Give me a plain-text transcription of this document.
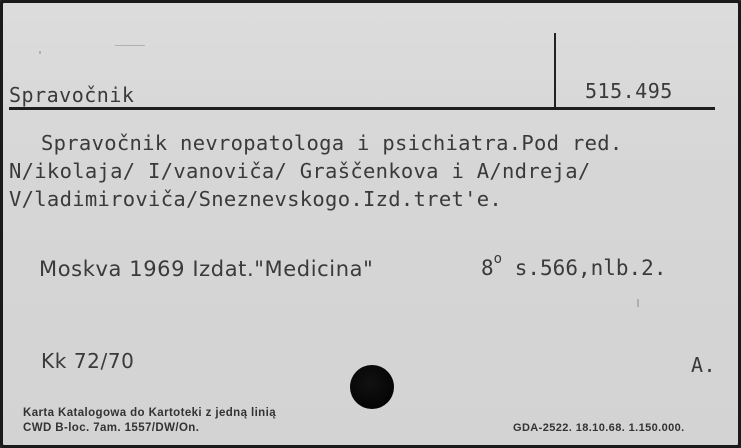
Spravočnik	515.495
Spravočnik nevropatologa i psichiatra.Pod red.
N/ikolaja/ I/vanoviča/ Graščenkova i A/ndreja/
V/ladimiroviča/Sneznevskogo.Izd.tret'e.
Moskva 1969 Izdat."Medicina"	8$^o$ s.566,nlb.2.
Kk 72/70	A.
Karta Katalogowa do Kartoteki z jedną linią
CWD B-loc. 7am. 1557/DW/On.	GDA-2522. 18.10.68. 1.150.000.
